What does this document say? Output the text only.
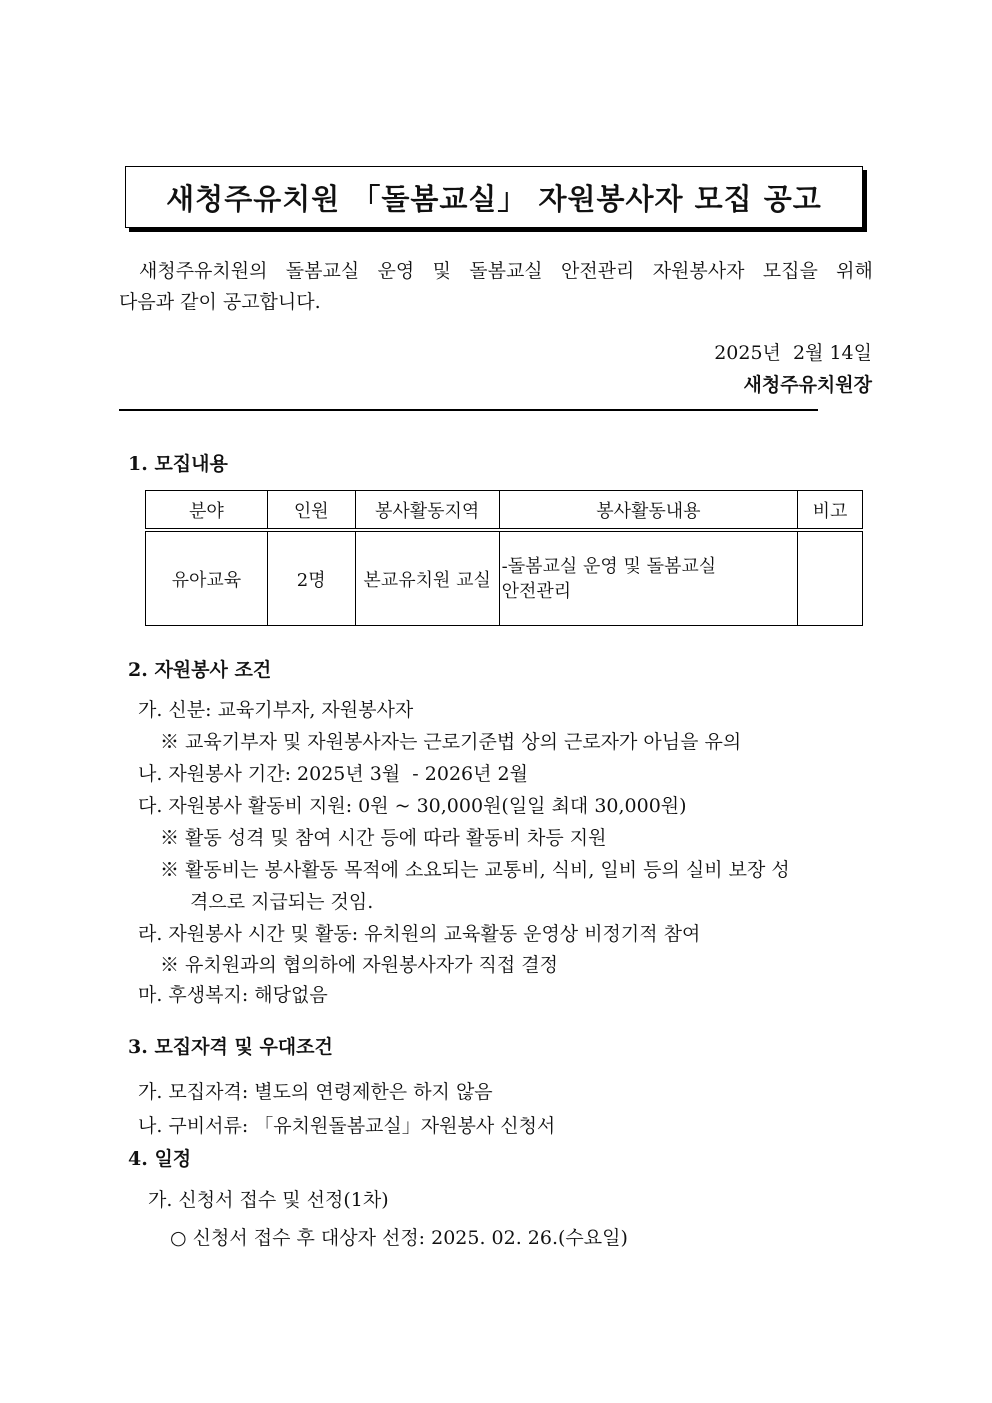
새청주유치원 「돌봄교실」 자원봉사자 모집 공고
새청주유치원의 돌봄교실 운영 및 돌봄교실 안전관리 자원봉사자 모집을 위해
다음과 같이 공고합니다.
2025년  2월 14일
새청주유치원장
1. 모집내용
분야	인원	봉사활동지역	봉사활동내용	비고
유아교육	2명	본교유치원 교실	-돌봄교실 운영 및 돌봄교실
안전관리	

2. 자원봉사 조건
가. 신분: 교육기부자, 자원봉사자
※ 교육기부자 및 자원봉사자는 근로기준법 상의 근로자가 아님을 유의
나. 자원봉사 기간: 2025년 3월  - 2026년 2월
다. 자원봉사 활동비 지원: 0원 ~ 30,000원(일일 최대 30,000원)
※ 활동 성격 및 참여 시간 등에 따라 활동비 차등 지원
※ 활동비는 봉사활동 목적에 소요되는 교통비, 식비, 일비 등의 실비 보장 성
격으로 지급되는 것임.
라. 자원봉사 시간 및 활동: 유치원의 교육활동 운영상 비정기적 참여
※ 유치원과의 협의하에 자원봉사자가 직접 결정
마. 후생복지: 해당없음
3. 모집자격 및 우대조건
가. 모집자격: 별도의 연령제한은 하지 않음
나. 구비서류: 「유치원돌봄교실」자원봉사 신청서
4. 일정
가. 신청서 접수 및 선정(1차)
○ 신청서 접수 후 대상자 선정: 2025. 02. 26.(수요일)
